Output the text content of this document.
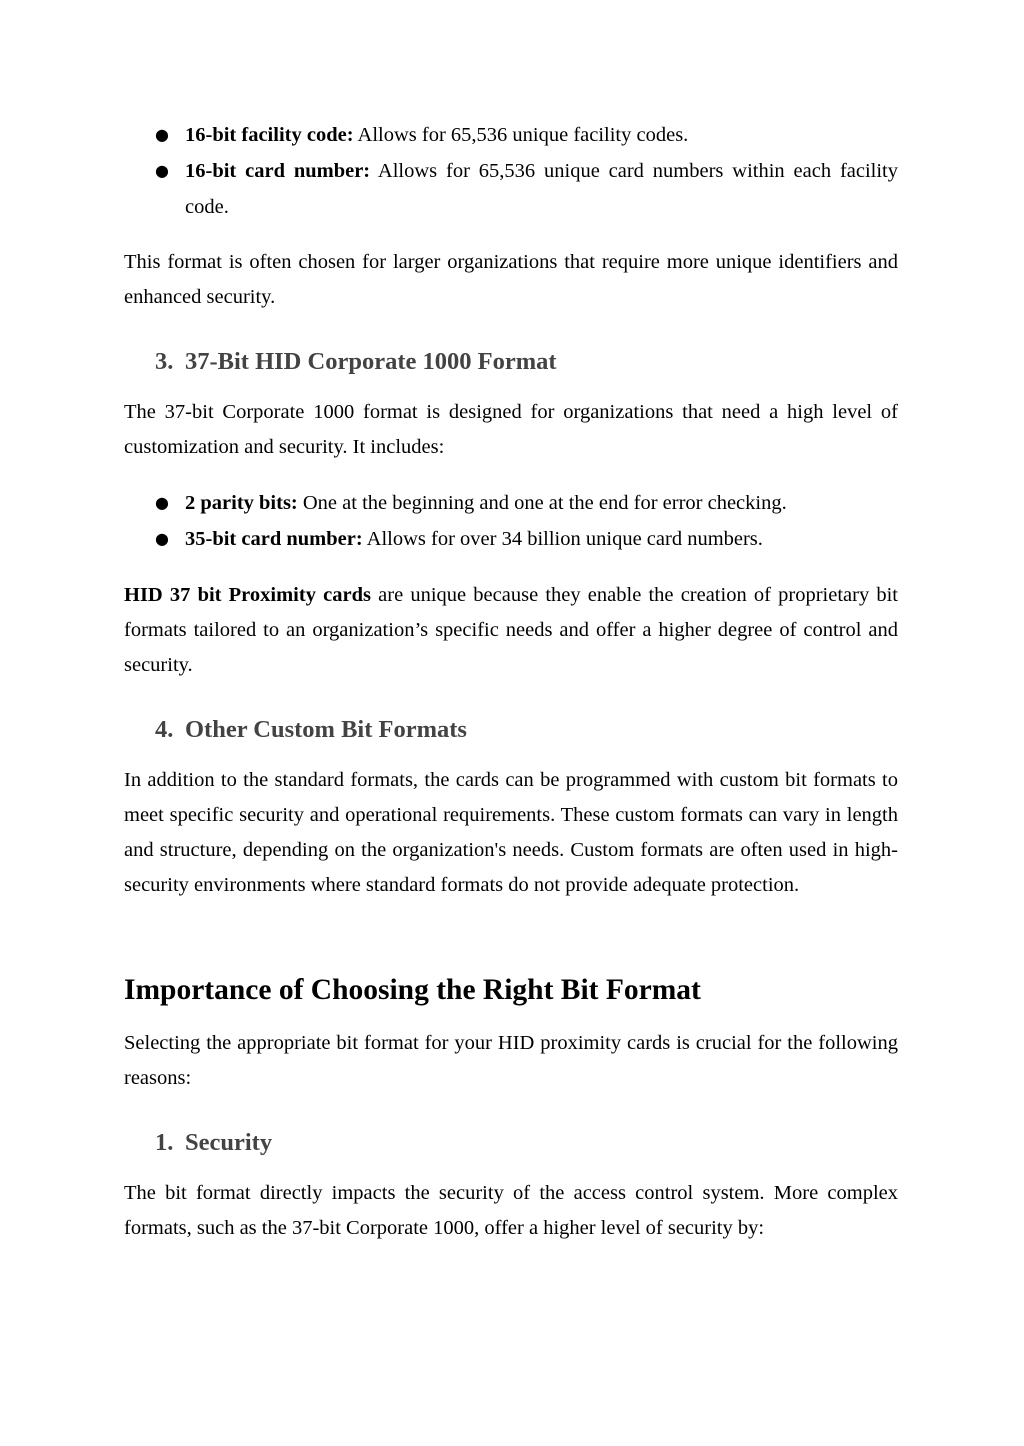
● 16-bit facility code: Allows for 65,536 unique facility codes.
● 16-bit card number: Allows for 65,536 unique card numbers within each facility code.

This format is often chosen for larger organizations that require more unique identifiers and enhanced security.

3. 37-Bit HID Corporate 1000 Format

The 37-bit Corporate 1000 format is designed for organizations that need a high level of customization and security. It includes:

● 2 parity bits: One at the beginning and one at the end for error checking.
● 35-bit card number: Allows for over 34 billion unique card numbers.

HID 37 bit Proximity cards are unique because they enable the creation of proprietary bit formats tailored to an organization’s specific needs and offer a higher degree of control and security.

4. Other Custom Bit Formats

In addition to the standard formats, the cards can be programmed with custom bit formats to meet specific security and operational requirements. These custom formats can vary in length and structure, depending on the organization's needs. Custom formats are often used in high-security environments where standard formats do not provide adequate protection.

Importance of Choosing the Right Bit Format

Selecting the appropriate bit format for your HID proximity cards is crucial for the following reasons:

1. Security

The bit format directly impacts the security of the access control system. More complex formats, such as the 37-bit Corporate 1000, offer a higher level of security by:
